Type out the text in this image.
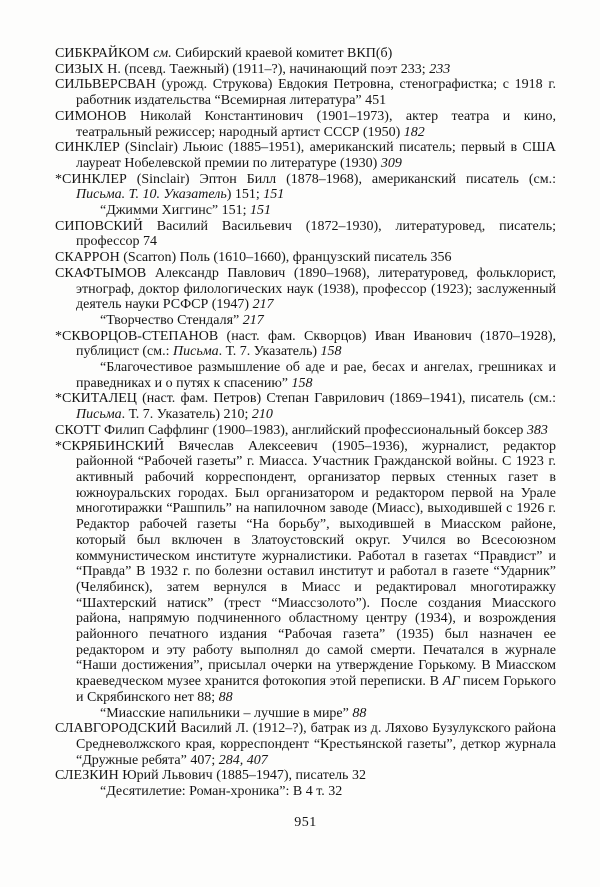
СИБКРАЙКОМ см. Сибирский краевой комитет ВКП(б)

СИЗЫХ Н. (псевд. Таежный) (1911–?), начинающий поэт 233; 233

СИЛЬВЕРСВАН (урожд. Струкова) Евдокия Петровна, стенографистка; с 1918 г. работник издательства “Всемирная литература” 451

СИМОНОВ Николай Константинович (1901–1973), актер театра и кино, театральный режиссер; народный артист СССР (1950) 182

СИНКЛЕР (Sinclair) Льюис (1885–1951), американский писатель; первый в США лауреат Нобелевской премии по литературе (1930) 309

*СИНКЛЕР (Sinclair) Эптон Билл (1878–1968), американский писатель (см.: Письма. Т. 10. Указатель) 151; 151

“Джимми Хиггинс” 151; 151

СИПОВСКИЙ Василий Васильевич (1872–1930), литературовед, писатель; профессор 74

СКАРРОН (Scarron) Поль (1610–1660), французский писатель 356

СКАФТЫМОВ Александр Павлович (1890–1968), литературовед, фольклорист, этнограф, доктор филологических наук (1938), профессор (1923); заслуженный деятель науки РСФСР (1947) 217

“Творчество Стендаля” 217

*СКВОРЦОВ-СТЕПАНОВ (наст. фам. Скворцов) Иван Иванович (1870–1928), публицист (см.: Письма. Т. 7. Указатель) 158

“Благочестивое размышление об аде и рае, бесах и ангелах, грешниках и праведниках и о путях к спасению” 158

*СКИТАЛЕЦ (наст. фам. Петров) Степан Гаврилович (1869–1941), писатель (см.: Письма. Т. 7. Указатель) 210; 210

СКОТТ Филип Саффлинг (1900–1983), английский профессиональный боксер 383

*СКРЯБИНСКИЙ Вячеслав Алексеевич (1905–1936), журналист, редактор районной “Рабочей газеты” г. Миасса. Участник Гражданской войны. С 1923 г. активный рабочий корреспондент, организатор первых стенных газет в южноуральских городах. Был организатором и редактором первой на Урале многотиражки “Рашпиль” на напилочном заводе (Миасс), выходившей с 1926 г. Редактор рабочей газеты “На борьбу”, выходившей в Миасском районе, который был включен в Златоустовский округ. Учился во Всесоюзном коммунистическом институте журналистики. Работал в газетах “Правдист” и “Правда” В 1932 г. по болезни оставил институт и работал в газете “Ударник” (Челябинск), затем вернулся в Миасс и редактировал многотиражку “Шахтерский натиск” (трест “Миассзолото”). После создания Миасского района, напрямую подчиненного областному центру (1934), и возрождения районного печатного издания “Рабочая газета” (1935) был назначен ее редактором и эту работу выполнял до самой смерти. Печатался в журнале “Наши достижения”, присылал очерки на утверждение Горькому. В Миасском краеведческом музее хранится фотокопия этой переписки. В АГ писем Горького и Скрябинского нет 88; 88

“Миасские напильники – лучшие в мире” 88

СЛАВГОРОДСКИЙ Василий Л. (1912–?), батрак из д. Ляхово Бузулукского района Средневолжского края, корреспондент “Крестьянской газеты”, деткор журнала “Дружные ребята” 407; 284, 407

СЛЕЗКИН Юрий Львович (1885–1947), писатель 32

“Десятилетие: Роман-хроника”: В 4 т. 32

951
